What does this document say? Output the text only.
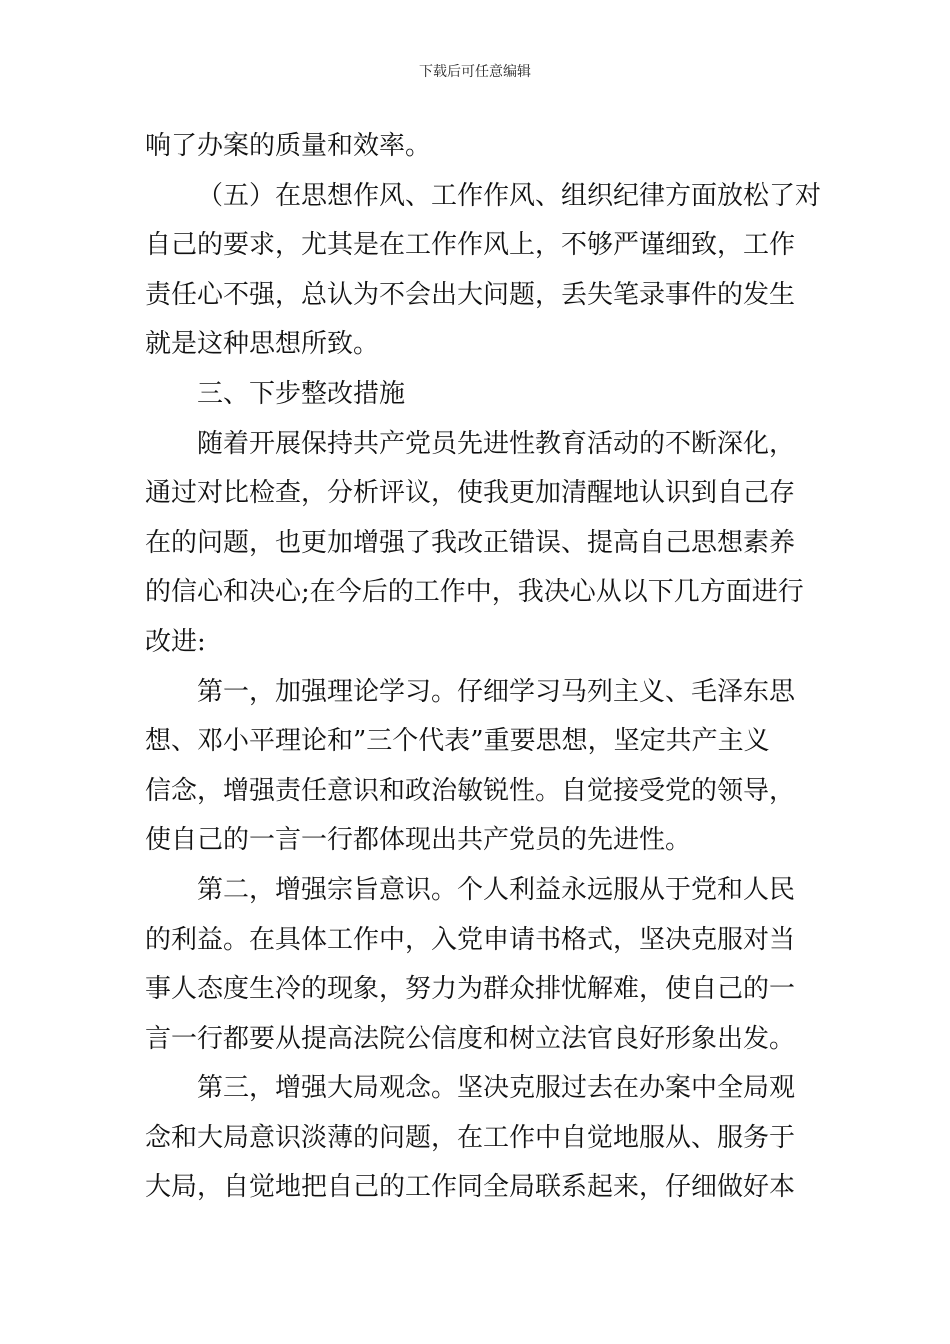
下载后可任意编辑
响了办案的质量和效率。
（五）在思想作风、工作作风、组织纪律方面放松了对
自己的要求，尤其是在工作作风上，不够严谨细致，工作
责任心不强，总认为不会出大问题，丢失笔录事件的发生
就是这种思想所致。
三、下步整改措施
随着开展保持共产党员先进性教育活动的不断深化，
通过对比检查，分析评议，使我更加清醒地认识到自己存
在的问题，也更加增强了我改正错误、提高自己思想素养
的信心和决心;在今后的工作中，我决心从以下几方面进行
改进:
第一，加强理论学习。仔细学习马列主义、毛泽东思
想、邓小平理论和”三个代表”重要思想，坚定共产主义
信念，增强责任意识和政治敏锐性。自觉接受党的领导，
使自己的一言一行都体现出共产党员的先进性。
第二，增强宗旨意识。个人利益永远服从于党和人民
的利益。在具体工作中，入党申请书格式，坚决克服对当
事人态度生冷的现象，努力为群众排忧解难，使自己的一
言一行都要从提高法院公信度和树立法官良好形象出发。
第三，增强大局观念。坚决克服过去在办案中全局观
念和大局意识淡薄的问题，在工作中自觉地服从、服务于
大局，自觉地把自己的工作同全局联系起来，仔细做好本
